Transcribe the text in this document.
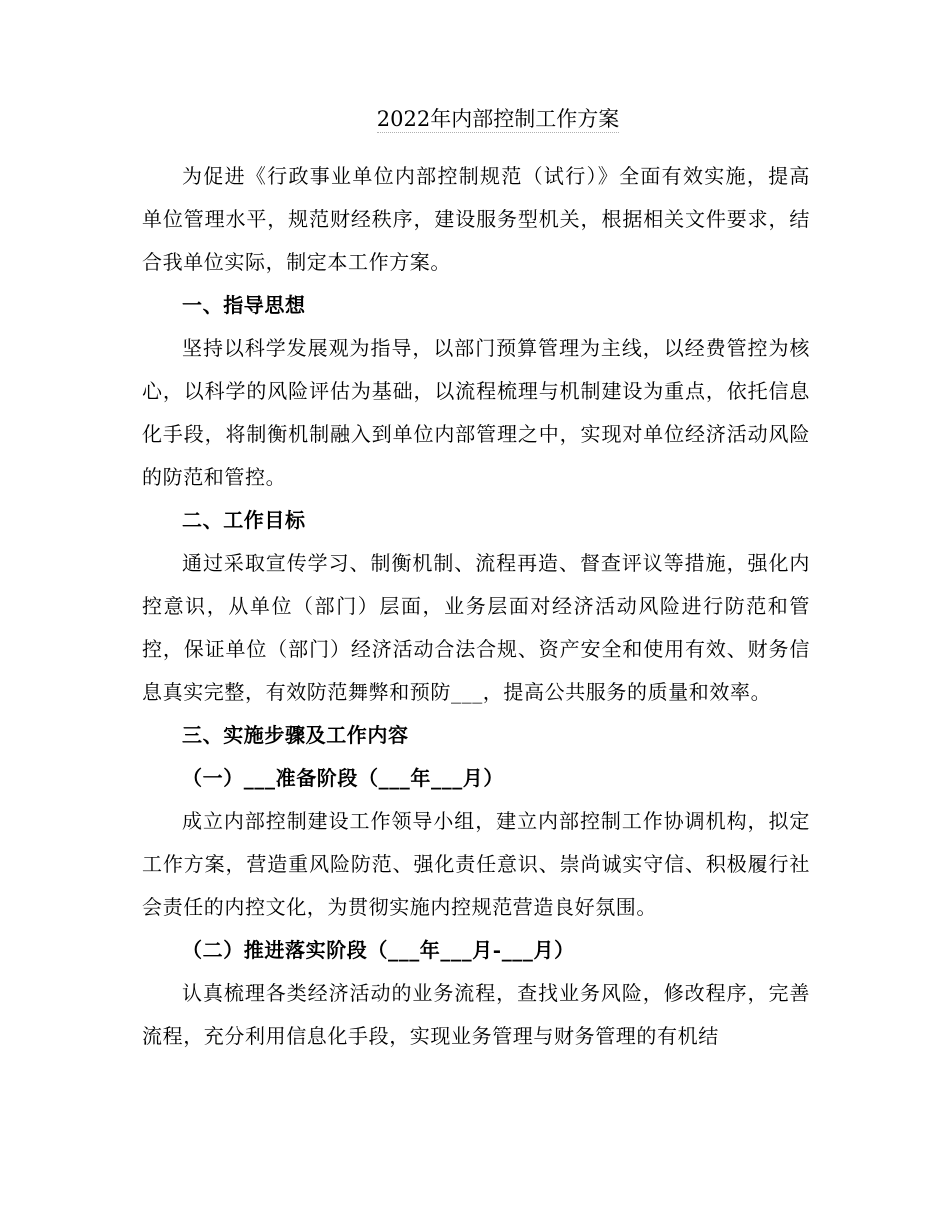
2022年内部控制工作方案

为促进《行政事业单位内部控制规范（试行）》全面有效实施，提高单位管理水平，规范财经秩序，建设服务型机关，根据相关文件要求，结合我单位实际，制定本工作方案。

一、指导思想

坚持以科学发展观为指导，以部门预算管理为主线，以经费管控为核心，以科学的风险评估为基础，以流程梳理与机制建设为重点，依托信息化手段，将制衡机制融入到单位内部管理之中，实现对单位经济活动风险的防范和管控。

二、工作目标

通过采取宣传学习、制衡机制、流程再造、督查评议等措施，强化内控意识，从单位（部门）层面，业务层面对经济活动风险进行防范和管控，保证单位（部门）经济活动合法合规、资产安全和使用有效、财务信息真实完整，有效防范舞弊和预防___，提高公共服务的质量和效率。

三、实施步骤及工作内容

（一）___准备阶段（___年___月）

成立内部控制建设工作领导小组，建立内部控制工作协调机构，拟定工作方案，营造重风险防范、强化责任意识、崇尚诚实守信、积极履行社会责任的内控文化，为贯彻实施内控规范营造良好氛围。

（二）推进落实阶段（___年___月-___月）

认真梳理各类经济活动的业务流程，查找业务风险，修改程序，完善流程，充分利用信息化手段，实现业务管理与财务管理的有机结
